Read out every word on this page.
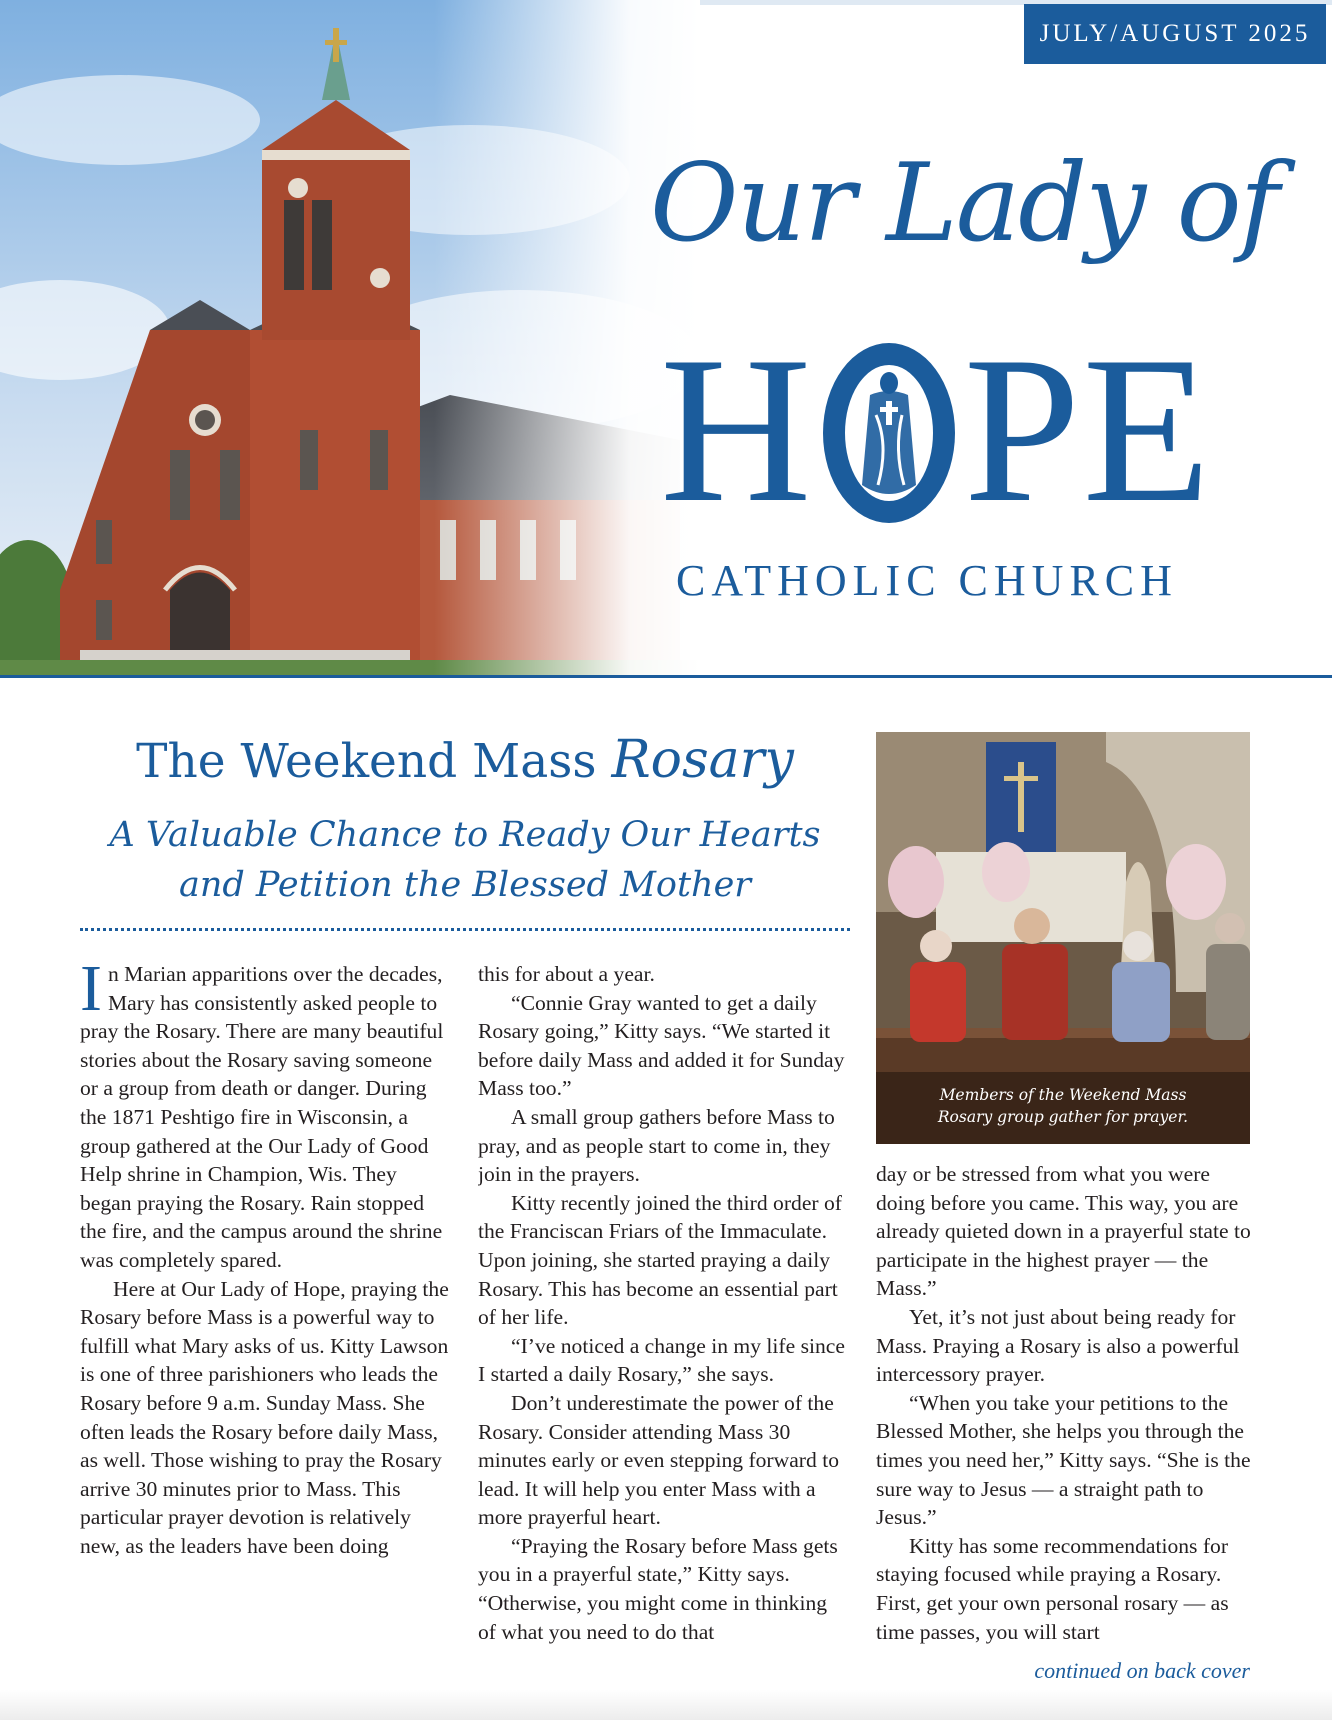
JULY/AUGUST 2025
Our Lady of
H PE
CATHOLIC CHURCH
The Weekend Mass Rosary
A Valuable Chance to Ready Our Hearts
and Petition the Blessed Mother

In Marian apparitions over the decades, Mary has consistently asked people to pray the Rosary. There are many beautiful stories about the Rosary saving someone or a group from death or danger. During the 1871 Peshtigo fire in Wisconsin, a group gathered at the Our Lady of Good Help shrine in Champion, Wis. They began praying the Rosary. Rain stopped the fire, and the campus around the shrine was completely spared.

Here at Our Lady of Hope, praying the Rosary before Mass is a powerful way to fulfill what Mary asks of us. Kitty Lawson is one of three parishioners who leads the Rosary before 9 a.m. Sunday Mass. She often leads the Rosary before daily Mass, as well. Those wishing to pray the Rosary arrive 30 minutes prior to Mass. This particular prayer devotion is relatively new, as the leaders have been doing

this for about a year.

“Connie Gray wanted to get a daily Rosary going,” Kitty says. “We started it before daily Mass and added it for Sunday Mass too.”

A small group gathers before Mass to pray, and as people start to come in, they join in the prayers.

Kitty recently joined the third order of the Franciscan Friars of the Immaculate. Upon joining, she started praying a daily Rosary. This has become an essential part of her life.

“I’ve noticed a change in my life since I started a daily Rosary,” she says.

Don’t underestimate the power of the Rosary. Consider attending Mass 30 minutes early or even stepping forward to lead. It will help you enter Mass with a more prayerful heart.

“Praying the Rosary before Mass gets you in a prayerful state,” Kitty says. “Otherwise, you might come in thinking of what you need to do that

Members of the Weekend Mass
Rosary group gather for prayer.

day or be stressed from what you were doing before you came. This way, you are already quieted down in a prayerful state to participate in the highest prayer — the Mass.”

Yet, it’s not just about being ready for Mass. Praying a Rosary is also a powerful intercessory prayer.

“When you take your petitions to the Blessed Mother, she helps you through the times you need her,” Kitty says. “She is the sure way to Jesus — a straight path to Jesus.”

Kitty has some recommendations for staying focused while praying a Rosary. First, get your own personal rosary — as time passes, you will start

continued on back cover
